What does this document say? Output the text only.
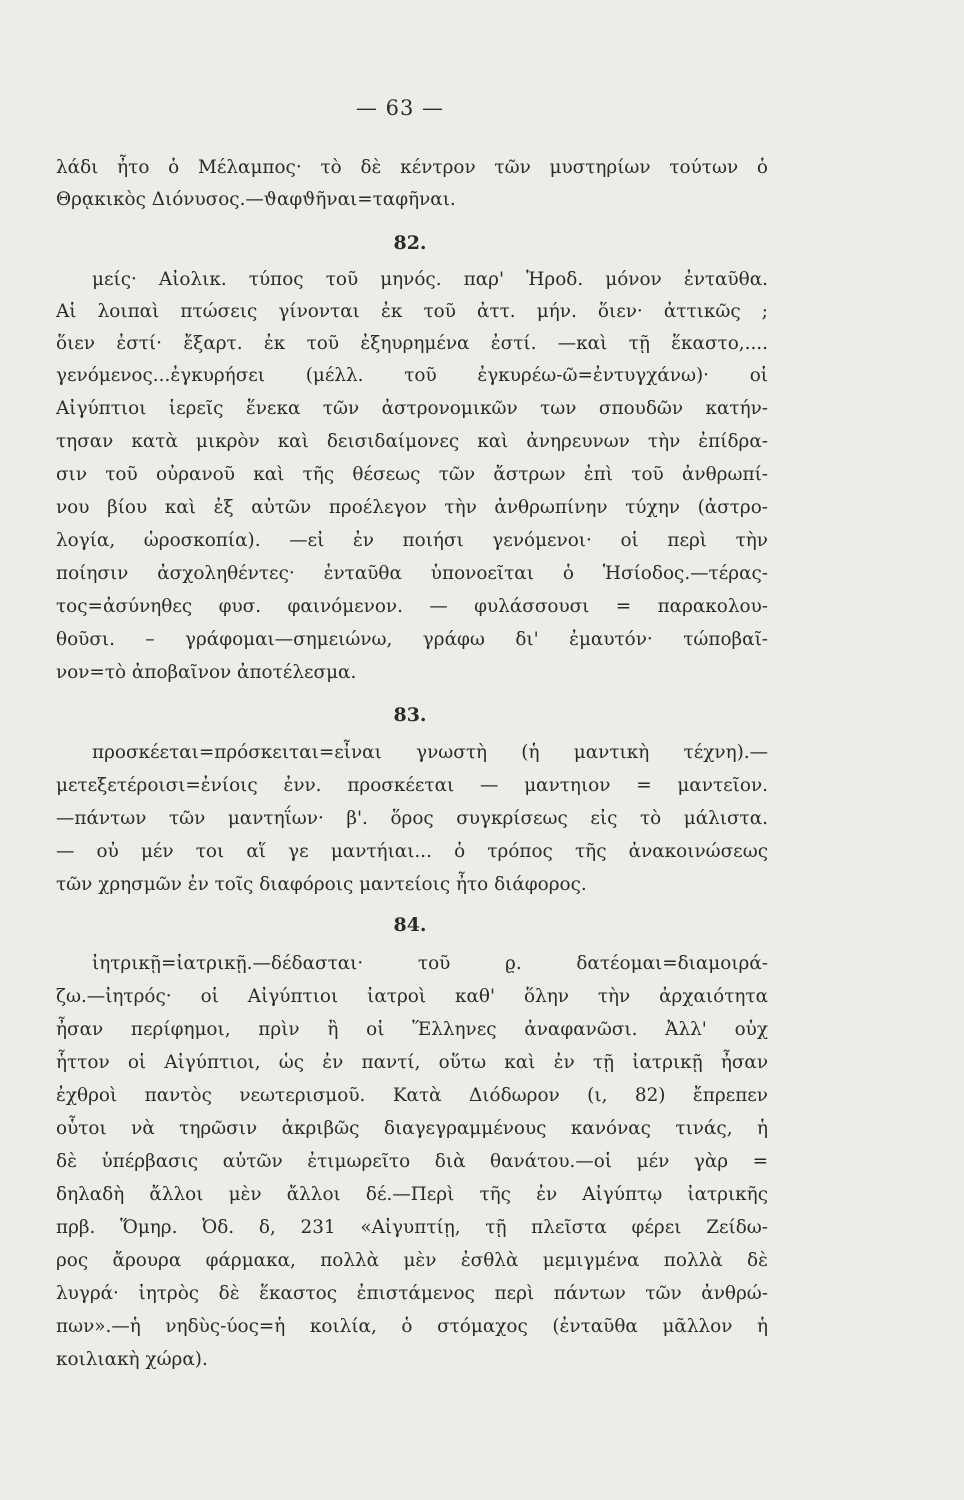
— 63 —
λάδι ἦτο ὁ Μέλαμπος· τὸ δὲ κέντρον τῶν μυστηρίων τούτων ὁ
Θρᾳκικὸς Διόνυσος.—ϑαφϑῆναι=ταφῆναι.
82.
μείς· Αἰολικ. τύπος τοῦ μηνός. παρ' Ἡροδ. μόνον ἐνταῦθα.
Αἱ λοιπαὶ πτώσεις γίνονται ἐκ τοῦ ἀττ. μήν. ὅιεν· ἀττικῶς ;
ὅιεν ἐστί· ἔξαρτ. ἐκ τοῦ ἐξηυρημένα ἐστί. —καὶ τῇ ἕκαστο,....
γενόμενος...ἐγκυρήσει (μέλλ. τοῦ ἐγκυρέω-ῶ=ἐντυγχάνω)· οἱ
Αἰγύπτιοι ἱερεῖς ἕνεκα τῶν ἀστρονομικῶν των σπουδῶν κατήν-
τησαν κατὰ μικρὸν καὶ δεισιδαίμονες καὶ ἀνηρευνων τὴν ἐπίδρα-
σιν τοῦ οὐρανοῦ καὶ τῆς θέσεως τῶν ἄστρων ἐπὶ τοῦ ἀνθρωπί-
νου βίου καὶ ἐξ αὐτῶν προέλεγον τὴν ἀνθρωπίνην τύχην (ἀστρο-
λογία, ὡροσκοπία). —εἰ ἐν ποιήσι γενόμενοι· οἱ περὶ τὴν
ποίησιν ἀσχοληθέντες· ἐνταῦθα ὑπονοεῖται ὁ Ἡσίοδος.—τέρας-
τος=ἀσύνηθες φυσ. φαινόμενον. — φυλάσσουσι = παρακολου-
θοῦσι. – γράφομαι—σημειώνω, γράφω δι' ἐμαυτόν· τώποβαῖ-
νον=τὸ ἀποβαῖνον ἀποτέλεσμα.
83.
προσκέεται=πρόσκειται=εἶναι γνωστὴ (ἡ μαντικὴ τέχνη).—
μετεξετέροισι=ἐνίοις ἐνν. προσκέεται — μαντηιον = μαντεῖον.
—πάντων τῶν μαντηΐων· β'. ὅρος συγκρίσεως εἰς τὸ μάλιστα.
— οὐ μέν τοι αἵ γε μαντήιαι... ὁ τρόπος τῆς ἀνακοινώσεως
τῶν χρησμῶν ἐν τοῖς διαφόροις μαντείοις ἦτο διάφορος.
84.
ἰητρικῇ=ἰατρικῇ.—δέδασται· τοῦ ϱ. δατέομαι=διαμοιρά-
ζω.—ἰητρός· οἱ Αἰγύπτιοι ἰατροὶ καθ' ὅλην τὴν ἀρχαιότητα
ἦσαν περίφημοι, πρὶν ἢ οἱ Ἕλληνες ἀναφανῶσι. Ἀλλ' οὐχ
ἧττον οἱ Αἰγύπτιοι, ὡς ἐν παντί, οὕτω καὶ ἐν τῇ ἰατρικῇ ἦσαν
ἐχθροὶ παντὸς νεωτερισμοῦ. Κατὰ Διόδωρον (ι, 82) ἔπρεπεν
οὗτοι νὰ τηρῶσιν ἀκριβῶς διαγεγραμμένους κανόνας τινάς, ἡ
δὲ ὑπέρβασις αὐτῶν ἐτιμωρεῖτο διὰ θανάτου.—οἱ μέν γὰρ =
δηλαδὴ ἄλλοι μὲν ἄλλοι δέ.—Περὶ τῆς ἐν Αἰγύπτῳ ἰατρικῆς
πρβ. Ὅμηρ. Ὀδ. δ, 231 «Αἰγυπτίῃ, τῇ πλεῖστα φέρει Ζείδω-
ρος ἄρουρα φάρμακα, πολλὰ μὲν ἐσθλὰ μεμιγμένα πολλὰ δὲ
λυγρά· ἰητρὸς δὲ ἕκαστος ἐπιστάμενος περὶ πάντων τῶν ἀνθρώ-
πων».—ἡ νηδὺς-ύος=ἡ κοιλία, ὁ στόμαχος (ἐνταῦθα μᾶλλον ἡ
κοιλιακὴ χώρα).
